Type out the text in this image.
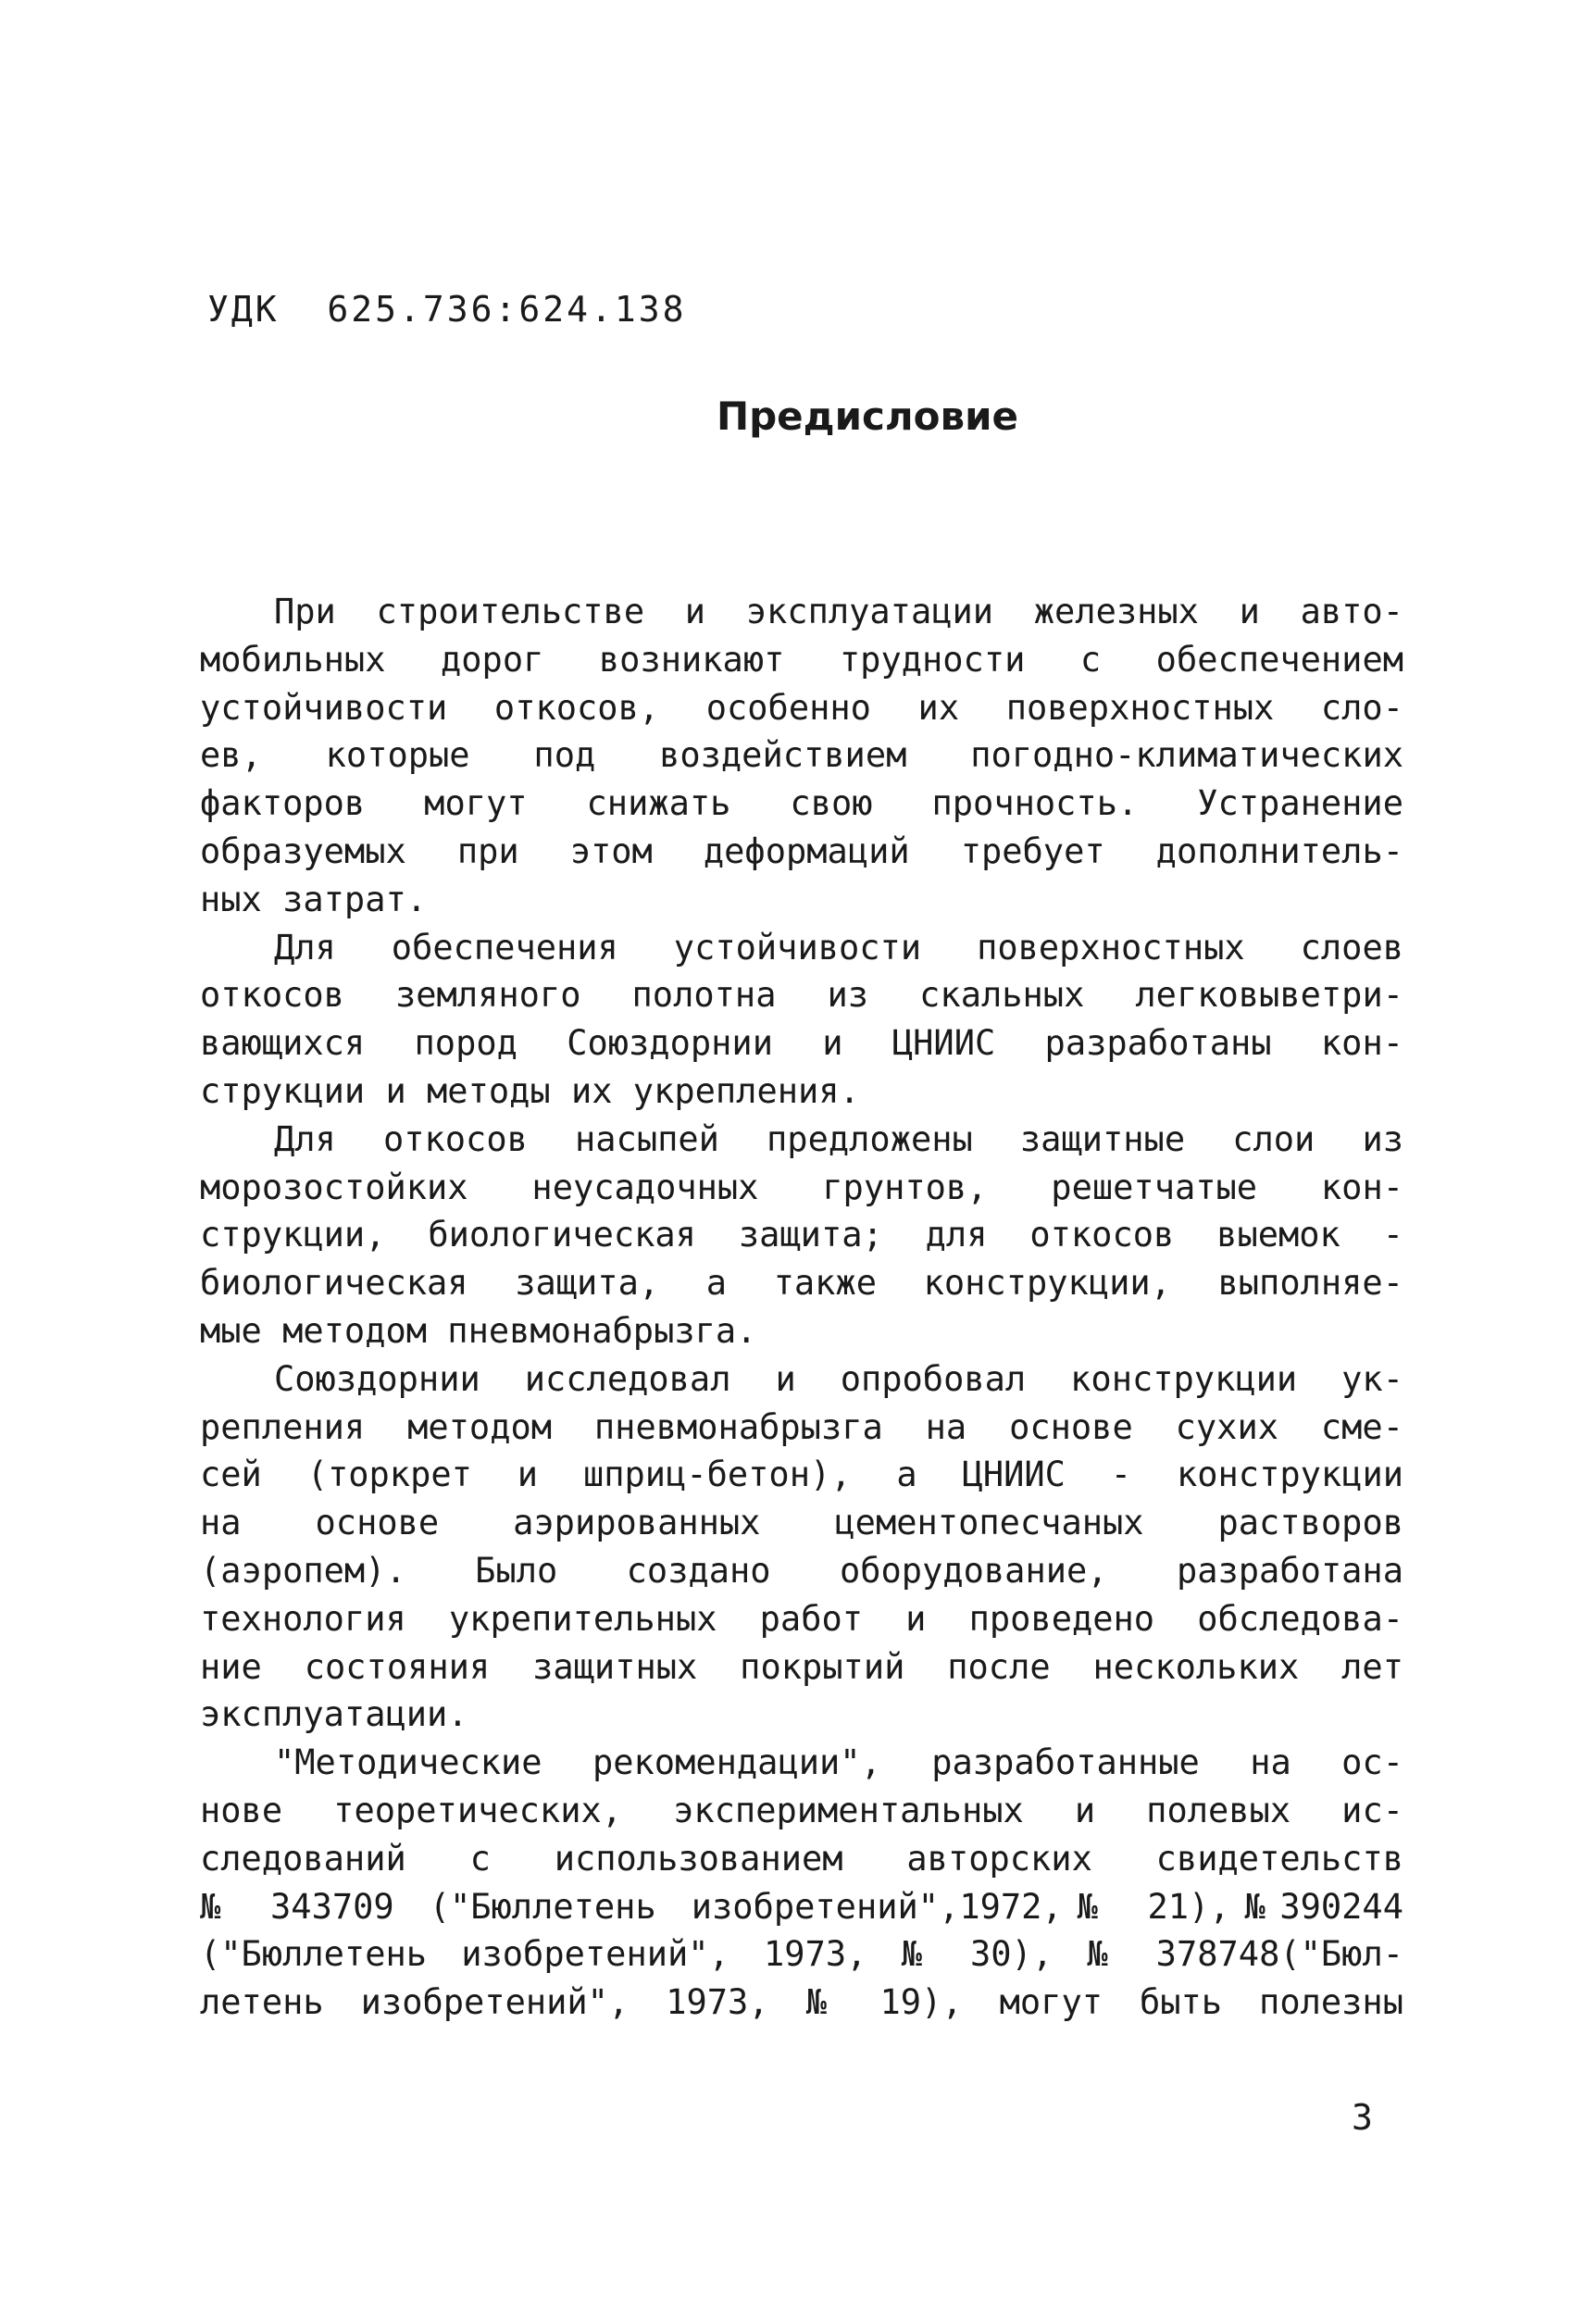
УДК  625.736:624.138
Предисловие
При строительстве и эксплуатации железных и авто-
мобильных дорог возникают трудности с обеспечением
устойчивости откосов, особенно их поверхностных сло-
ев, которые под воздействием погодно-климатических
факторов могут снижать свою прочность. Устранение
образуемых при этом деформаций требует дополнитель-
ных затрат.
Для обеспечения устойчивости поверхностных слоев
откосов земляного полотна из скальных легковыветри-
вающихся пород Союздорнии и ЦНИИС разработаны кон-
струкции и методы их укрепления.
Для откосов насыпей предложены защитные слои из
морозостойких неусадочных грунтов, решетчатые кон-
струкции, биологическая защита; для откосов выемок -
биологическая защита, а также конструкции, выполняе-
мые методом пневмонабрызга.
Союздорнии исследовал и опробовал конструкции ук-
репления методом пневмонабрызга на основе сухих сме-
сей (торкрет и шприц-бетон), а ЦНИИС - конструкции
на основе аэрированных цементопесчаных растворов
(аэропем). Было создано оборудование, разработана
технология укрепительных работ и проведено обследова-
ние состояния защитных покрытий после нескольких лет
эксплуатации.
"Методические рекомендации", разработанные на ос-
нове теоретических, экспериментальных и полевых ис-
следований с использованием авторских свидетельств
№ 343709 ("Бюллетень изобретений",1972,№ 21),№390244
("Бюллетень изобретений", 1973, № 30), № 378748("Бюл-
летень изобретений", 1973, № 19), могут быть полезны
3
